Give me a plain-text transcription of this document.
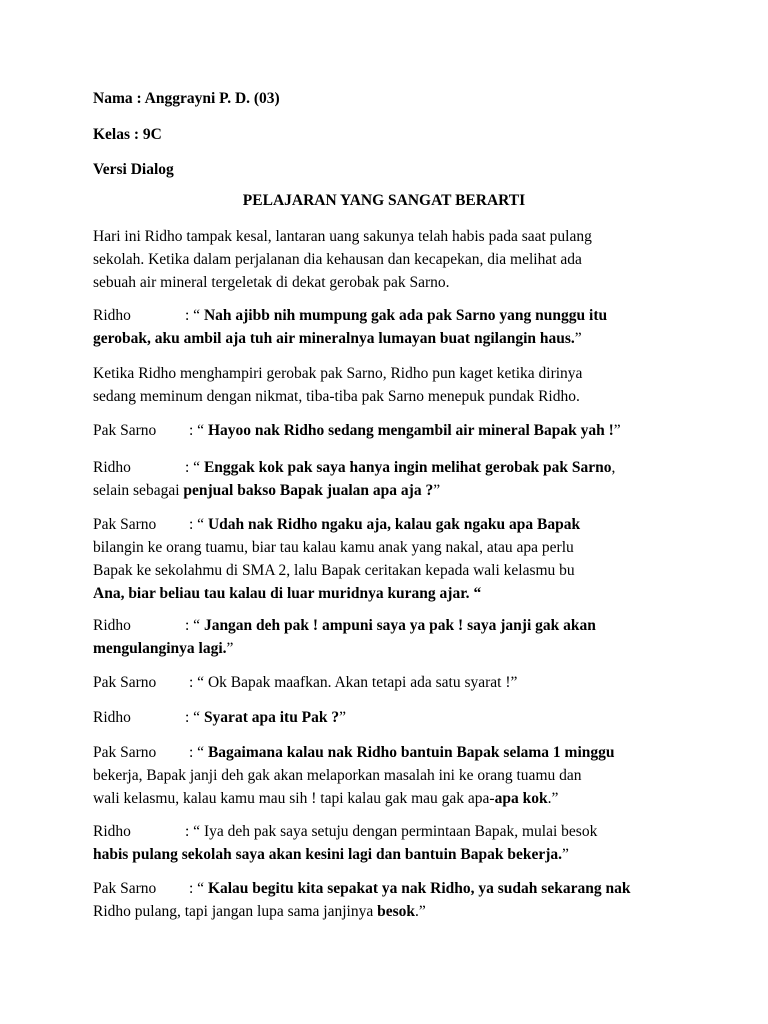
Nama : Anggrayni P. D. (03)
Kelas : 9C
Versi Dialog
PELAJARAN YANG SANGAT BERARTI
Hari ini Ridho tampak kesal, lantaran uang sakunya telah habis pada saat pulang
sekolah. Ketika dalam perjalanan dia kehausan dan kecapekan, dia melihat ada
sebuah air mineral tergeletak di dekat gerobak pak Sarno.
Ridho	: “ Nah ajibb nih mumpung gak ada pak Sarno yang nunggu itu
gerobak, aku ambil aja tuh air mineralnya lumayan buat ngilangin haus.”
Ketika Ridho menghampiri gerobak pak Sarno, Ridho pun kaget ketika dirinya
sedang meminum dengan nikmat, tiba-tiba pak Sarno menepuk pundak Ridho.
Pak Sarno : “ Hayoo nak Ridho sedang mengambil air mineral Bapak yah !”
Ridho	: “ Enggak kok pak saya hanya ingin melihat gerobak pak Sarno,
selain sebagai penjual bakso Bapak jualan apa aja ?”
Pak Sarno : “ Udah nak Ridho ngaku aja, kalau gak ngaku apa Bapak
bilangin ke orang tuamu, biar tau kalau kamu anak yang nakal, atau apa perlu
Bapak ke sekolahmu di SMA 2, lalu Bapak ceritakan kepada wali kelasmu bu
Ana, biar beliau tau kalau di luar muridnya kurang ajar. “
Ridho	: “ Jangan deh pak ! ampuni saya ya pak ! saya janji gak akan
mengulanginya lagi.”
Pak Sarno : “ Ok Bapak maafkan. Akan tetapi ada satu syarat !”
Ridho	: “ Syarat apa itu Pak ?”
Pak Sarno : “ Bagaimana kalau nak Ridho bantuin Bapak selama 1 minggu
bekerja, Bapak janji deh gak akan melaporkan masalah ini ke orang tuamu dan
wali kelasmu, kalau kamu mau sih ! tapi kalau gak mau gak apa-apa kok.”
Ridho	: “ Iya deh pak saya setuju dengan permintaan Bapak, mulai besok
habis pulang sekolah saya akan kesini lagi dan bantuin Bapak bekerja.”
Pak Sarno : “ Kalau begitu kita sepakat ya nak Ridho, ya sudah sekarang nak
Ridho pulang, tapi jangan lupa sama janjinya besok.”
